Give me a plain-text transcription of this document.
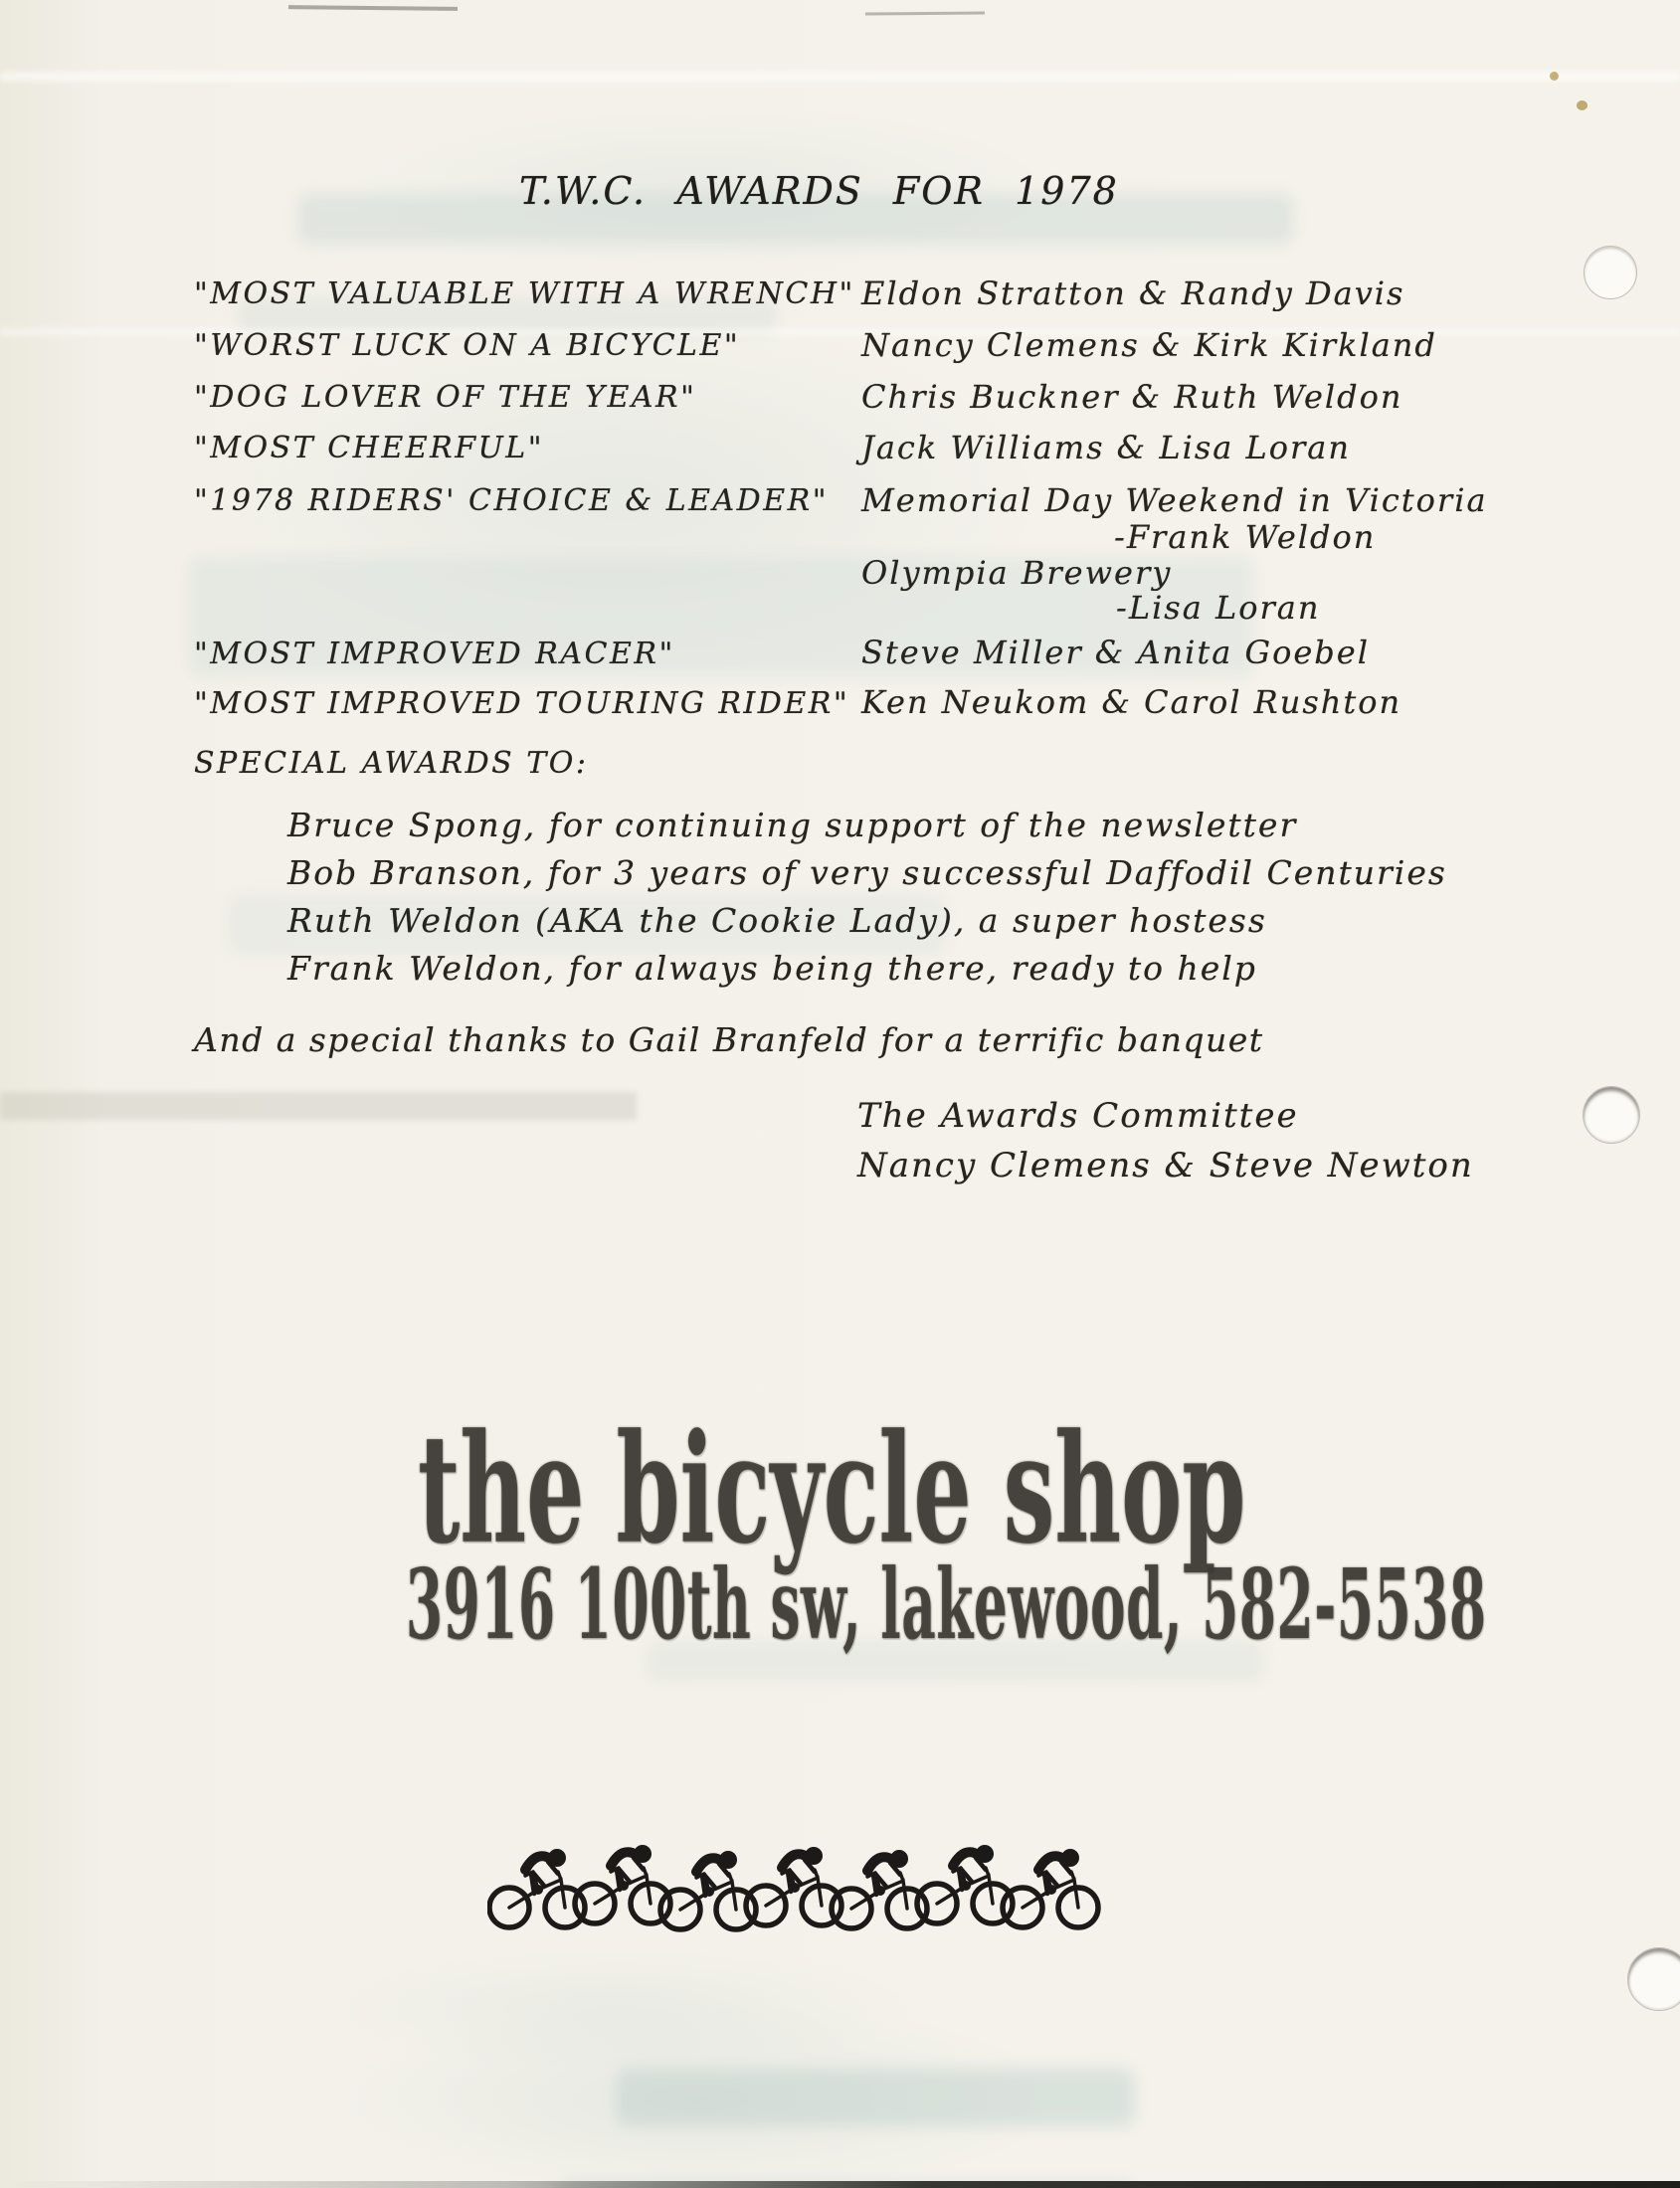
T.W.C. AWARDS FOR 1978
"MOST VALUABLE WITH A WRENCH" Eldon Stratton & Randy Davis
"WORST LUCK ON A BICYCLE"	Nancy Clemens & Kirk Kirkland
"DOG LOVER OF THE YEAR"	Chris Buckner & Ruth Weldon
"MOST CHEERFUL"	Jack Williams & Lisa Loran
"1978 RIDERS' CHOICE & LEADER" Memorial Day Weekend in Victoria
-Frank Weldon
Olympia Brewery
-Lisa Loran
"MOST IMPROVED RACER"	Steve Miller & Anita Goebel
"MOST IMPROVED TOURING RIDER" Ken Neukom & Carol Rushton
SPECIAL AWARDS TO:
Bruce Spong, for continuing support of the newsletter
Bob Branson, for 3 years of very successful Daffodil Centuries
Ruth Weldon (AKA the Cookie Lady), a super hostess
Frank Weldon, for always being there, ready to help
And a special thanks to Gail Branfeld for a terrific banquet
The Awards Committee
Nancy Clemens & Steve Newton
the bicycle shop
3916 100th sw, lakewood, 582-5538
